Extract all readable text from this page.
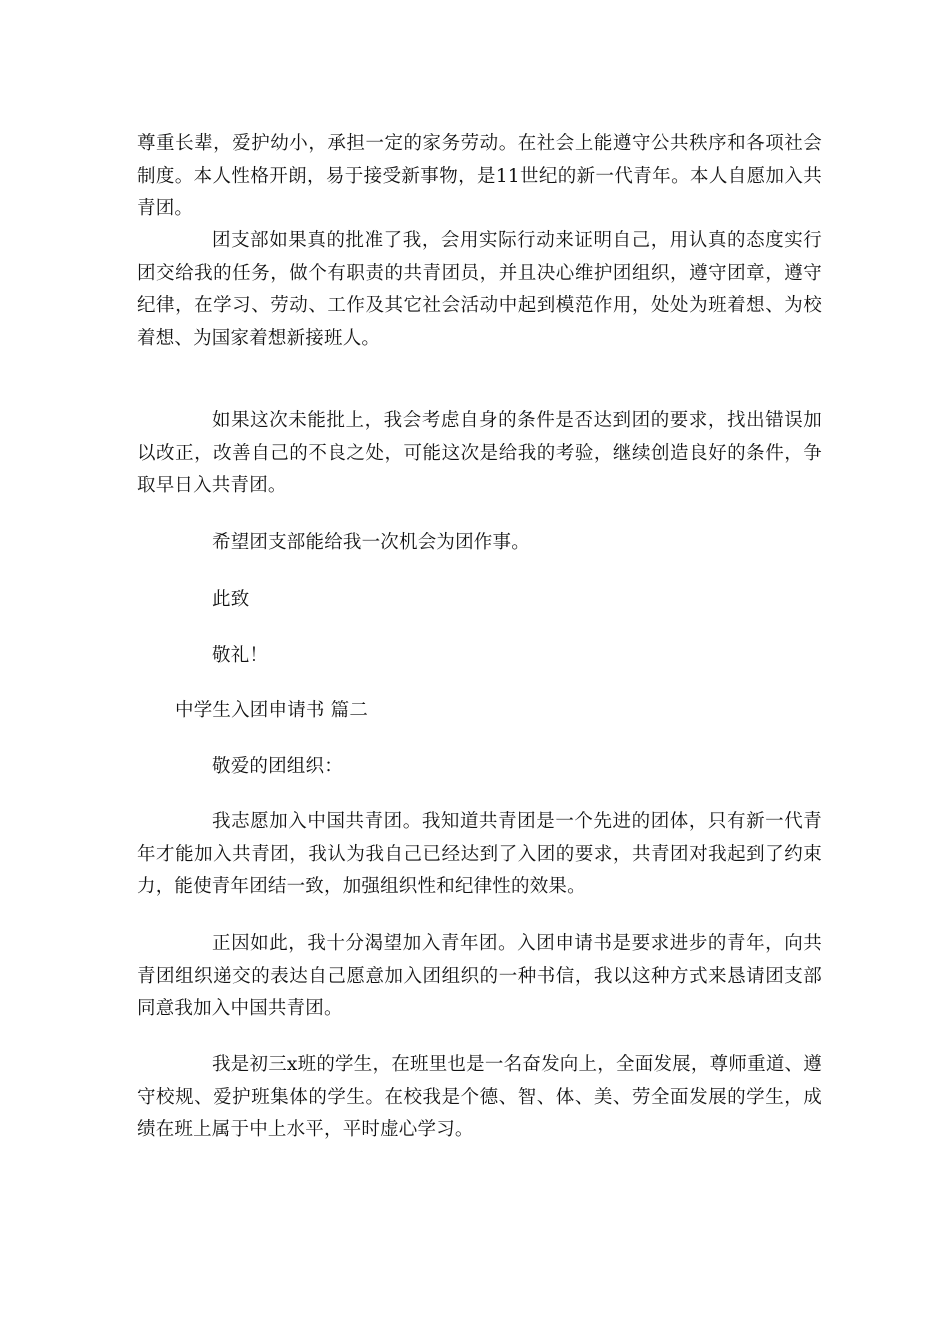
尊重长辈，爱护幼小，承担一定的家务劳动。在社会上能遵守公共秩序和各项社会制度。本人性格开朗，易于接受新事物，是11世纪的新一代青年。本人自愿加入共青团。

团支部如果真的批准了我，会用实际行动来证明自己，用认真的态度实行团交给我的任务，做个有职责的共青团员，并且决心维护团组织，遵守团章，遵守纪律，在学习、劳动、工作及其它社会活动中起到模范作用，处处为班着想、为校着想、为国家着想新接班人。

如果这次未能批上，我会考虑自身的条件是否达到团的要求，找出错误加以改正，改善自己的不良之处，可能这次是给我的考验，继续创造良好的条件，争取早日入共青团。

希望团支部能给我一次机会为团作事。

此致

敬礼！

中学生入团申请书 篇二

敬爱的团组织：

我志愿加入中国共青团。我知道共青团是一个先进的团体，只有新一代青年才能加入共青团，我认为我自己已经达到了入团的要求，共青团对我起到了约束力，能使青年团结一致，加强组织性和纪律性的效果。

正因如此，我十分渴望加入青年团。入团申请书是要求进步的青年，向共青团组织递交的表达自己愿意加入团组织的一种书信，我以这种方式来恳请团支部同意我加入中国共青团。

我是初三x班的学生，在班里也是一名奋发向上，全面发展，尊师重道、遵守校规、爱护班集体的学生。在校我是个德、智、体、美、劳全面发展的学生，成绩在班上属于中上水平，平时虚心学习。
